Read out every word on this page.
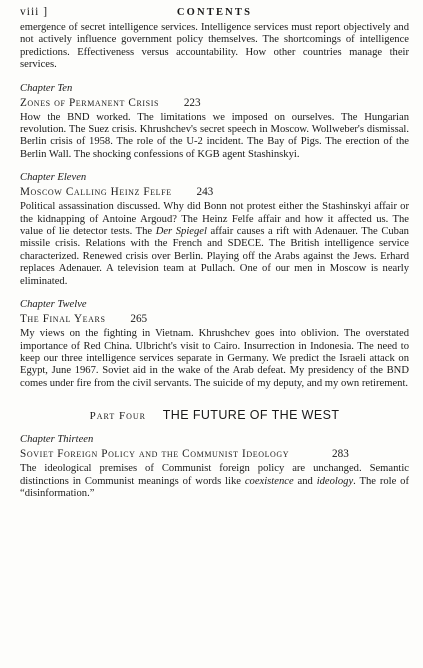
viii ]	CONTENTS

emergence of secret intelligence services. Intelligence services must report objectively and not actively influence government policy themselves. The shortcomings of intelligence predictions. Effectiveness versus accountability. How other countries manage their services.

Chapter Ten

Zones of Permanent Crisis 223

How the BND worked. The limitations we imposed on ourselves. The Hungarian revolution. The Suez crisis. Khrushchev's secret speech in Moscow. Wollweber's dismissal. Berlin crisis of 1958. The role of the U-2 incident. The Bay of Pigs. The erection of the Berlin Wall. The shocking confessions of KGB agent Stashinskyi.

Chapter Eleven

Moscow Calling Heinz Felfe 243

Political assassination discussed. Why did Bonn not protest either the Stashinskyi affair or the kidnapping of Antoine Argoud? The Heinz Felfe affair and how it affected us. The value of lie detector tests. The Der Spiegel affair causes a rift with Adenauer. The Cuban missile crisis. Relations with the French and SDECE. The British intelligence service characterized. Renewed crisis over Berlin. Playing off the Arabs against the Jews. Erhard replaces Adenauer. A television team at Pullach. One of our men in Moscow is nearly eliminated.

Chapter Twelve

The Final Years 265

My views on the fighting in Vietnam. Khrushchev goes into oblivion. The overstated importance of Red China. Ulbricht's visit to Cairo. Insurrection in Indonesia. The need to keep our three intelligence services separate in Germany. We predict the Israeli attack on Egypt, June 1967. Soviet aid in the wake of the Arab defeat. My presidency of the BND comes under fire from the civil servants. The suicide of my deputy, and my own retirement.

Part Four THE FUTURE OF THE WEST

Chapter Thirteen

Soviet Foreign Policy and the Communist Ideology	283

The ideological premises of Communist foreign policy are unchanged. Semantic distinctions in Communist meanings of words like coexistence and ideology. The role of “disinformation.”
